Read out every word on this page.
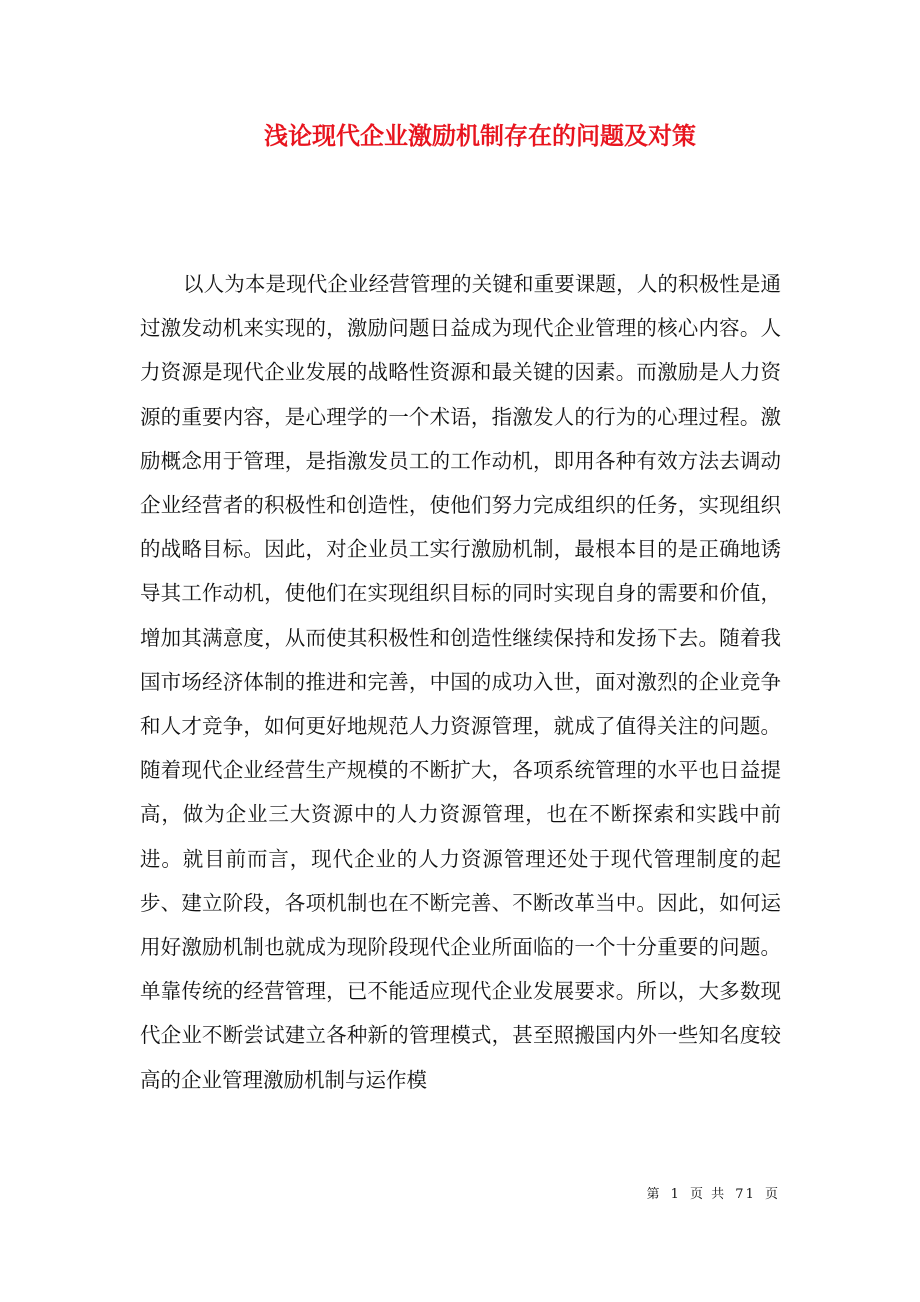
浅论现代企业激励机制存在的问题及对策

以人为本是现代企业经营管理的关键和重要课题，人的积极性是通过激发动机来实现的，激励问题日益成为现代企业管理的核心内容。人力资源是现代企业发展的战略性资源和最关键的因素。而激励是人力资源的重要内容，是心理学的一个术语，指激发人的行为的心理过程。激励概念用于管理，是指激发员工的工作动机，即用各种有效方法去调动企业经营者的积极性和创造性，使他们努力完成组织的任务，实现组织的战略目标。因此，对企业员工实行激励机制，最根本目的是正确地诱导其工作动机，使他们在实现组织目标的同时实现自身的需要和价值，增加其满意度，从而使其积极性和创造性继续保持和发扬下去。随着我国市场经济体制的推进和完善，中国的成功入世，面对激烈的企业竞争和人才竞争，如何更好地规范人力资源管理，就成了值得关注的问题。随着现代企业经营生产规模的不断扩大，各项系统管理的水平也日益提高，做为企业三大资源中的人力资源管理，也在不断探索和实践中前进。就目前而言，现代企业的人力资源管理还处于现代管理制度的起步、建立阶段，各项机制也在不断完善、不断改革当中。因此，如何运用好激励机制也就成为现阶段现代企业所面临的一个十分重要的问题。单靠传统的经营管理，已不能适应现代企业发展要求。所以，大多数现代企业不断尝试建立各种新的管理模式，甚至照搬国内外一些知名度较高的企业管理激励机制与运作模

第 1 页 共 71 页
